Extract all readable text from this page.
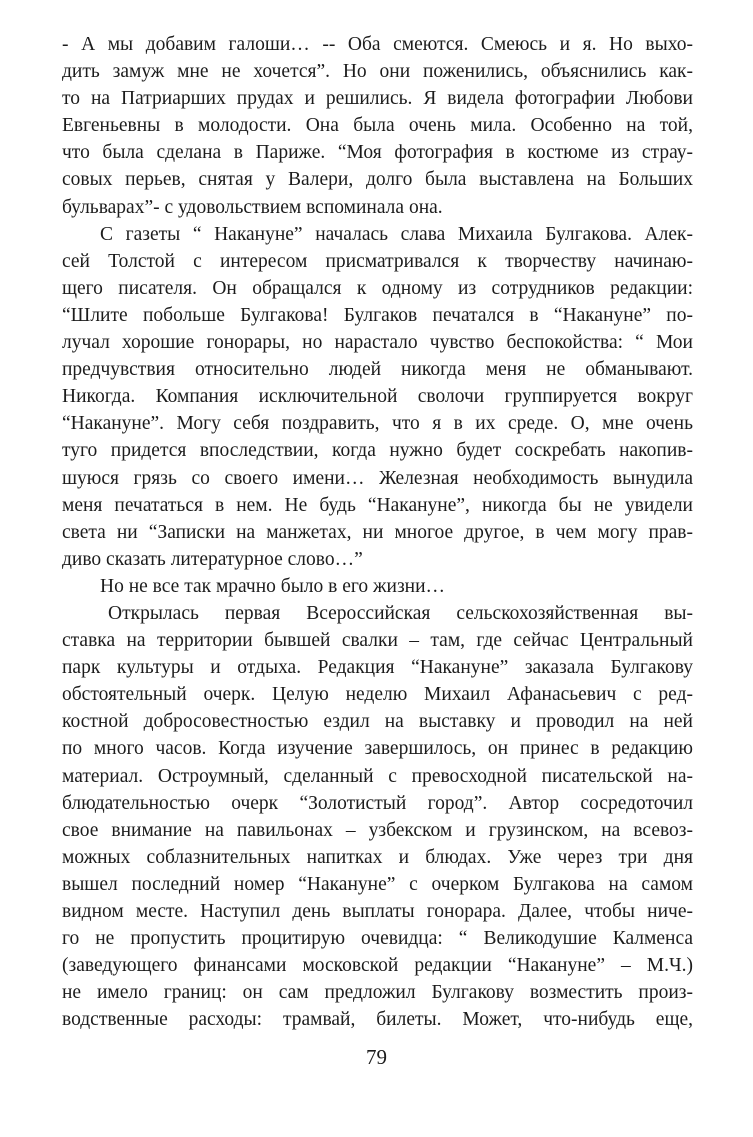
- А мы добавим галоши… -- Оба смеются. Смеюсь и я. Но выхо-
дить замуж мне не хочется”. Но они поженились, объяснились как-
то на Патриарших прудах и решились. Я видела фотографии Любови
Евгеньевны в молодости. Она была очень мила. Особенно на той,
что была сделана в Париже. “Моя фотография в костюме из страу-
совых перьев, снятая у Валери, долго была выставлена на Больших
бульварах”- с удовольствием вспоминала она.
С газеты “ Накануне” началась слава Михаила Булгакова. Алек-
сей Толстой с интересом присматривался к творчеству начинаю-
щего писателя. Он обращался к одному из сотрудников редакции:
“Шлите побольше Булгакова! Булгаков печатался в “Накануне” по-
лучал хорошие гонорары, но нарастало чувство беспокойства: “ Мои
предчувствия относительно людей никогда меня не обманывают.
Никогда. Компания исключительной сволочи группируется вокруг
“Накануне”. Могу себя поздравить, что я в их среде. О, мне очень
туго придется впоследствии, когда нужно будет соскребать накопив-
шуюся грязь со своего имени… Железная необходимость вынудила
меня печататься в нем. Не будь “Накануне”, никогда бы не увидели
света ни “Записки на манжетах, ни многое другое, в чем могу прав-
диво сказать литературное слово…”
Но не все так мрачно было в его жизни…
Открылась первая Всероссийская сельскохозяйственная вы-
ставка на территории бывшей свалки – там, где сейчас Центральный
парк культуры и отдыха. Редакция “Накануне” заказала Булгакову
обстоятельный очерк. Целую неделю Михаил Афанасьевич с ред-
костной добросовестностью ездил на выставку и проводил на ней
по много часов. Когда изучение завершилось, он принес в редакцию
материал. Остроумный, сделанный с превосходной писательской на-
блюдательностью очерк “Золотистый город”. Автор сосредоточил
свое внимание на павильонах – узбекском и грузинском, на всевоз-
можных соблазнительных напитках и блюдах. Уже через три дня
вышел последний номер “Накануне” с очерком Булгакова на самом
видном месте. Наступил день выплаты гонорара. Далее, чтобы ниче-
го не пропустить процитирую очевидца: “ Великодушие Калменса
(заведующего финансами московской редакции “Накануне” – М.Ч.)
не имело границ: он сам предложил Булгакову возместить произ-
водственные расходы: трамвай, билеты. Может, что-нибудь еще,
79
